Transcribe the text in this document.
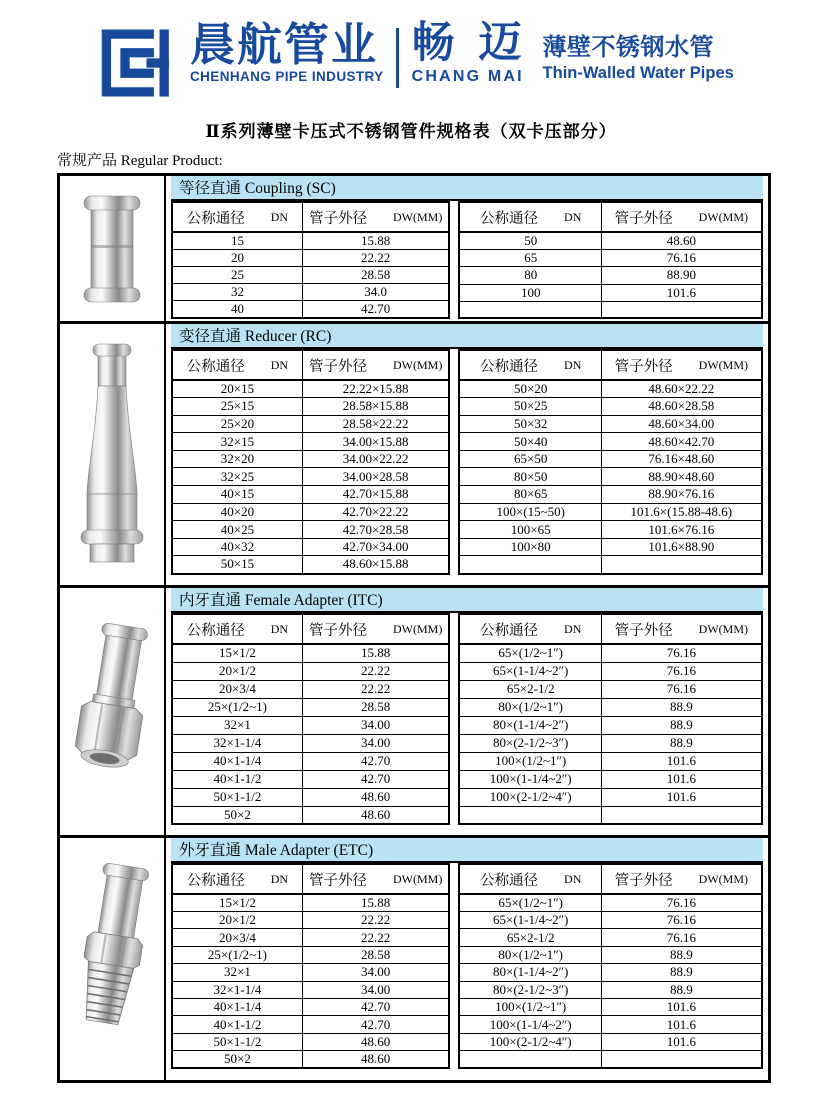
晨航管业
CHENHANG PIPE INDUSTRY
畅 迈
CHANG MAI
薄壁不锈钢水管
Thin-Walled Water Pipes
Ⅱ系列薄壁卡压式不锈钢管件规格表（双卡压部分）
常规产品 Regular Product:
等径直通 Coupling (SC)
公称通径 DN	管子外径 DW(MM)

15	15.88
20	22.22
25	28.58
32	34.0
40	42.70
公称通径 DN	管子外径 DW(MM)

50	48.60
65	76.16
80	88.90
100	101.6

变径直通 Reducer (RC)
公称通径 DN	管子外径 DW(MM)

20×15	22.22×15.88
25×15	28.58×15.88
25×20	28.58×22.22
32×15	34.00×15.88
32×20	34.00×22.22
32×25	34.00×28.58
40×15	42.70×15.88
40×20	42.70×22.22
40×25	42.70×28.58
40×32	42.70×34.00
50×15	48.60×15.88
公称通径 DN	管子外径 DW(MM)

50×20	48.60×22.22
50×25	48.60×28.58
50×32	48.60×34.00
50×40	48.60×42.70
65×50	76.16×48.60
80×50	88.90×48.60
80×65	88.90×76.16
100×(15~50)	101.6×(15.88-48.6)
100×65	101.6×76.16
100×80	101.6×88.90

内牙直通 Female Adapter (ITC)
公称通径 DN	管子外径 DW(MM)

15×1/2	15.88
20×1/2	22.22
20×3/4	22.22
25×(1/2~1)	28.58
32×1	34.00
32×1-1/4	34.00
40×1-1/4	42.70
40×1-1/2	42.70
50×1-1/2	48.60
50×2	48.60
公称通径 DN	管子外径 DW(MM)

65×(1/2~1″)	76.16
65×(1-1/4~2″)	76.16
65×2-1/2	76.16
80×(1/2~1″)	88.9
80×(1-1/4~2″)	88.9
80×(2-1/2~3″)	88.9
100×(1/2~1″)	101.6
100×(1-1/4~2″)	101.6
100×(2-1/2~4″)	101.6

外牙直通 Male Adapter (ETC)
公称通径 DN	管子外径 DW(MM)

15×1/2	15.88
20×1/2	22.22
20×3/4	22.22
25×(1/2~1)	28.58
32×1	34.00
32×1-1/4	34.00
40×1-1/4	42.70
40×1-1/2	42.70
50×1-1/2	48.60
50×2	48.60
公称通径 DN	管子外径 DW(MM)

65×(1/2~1″)	76.16
65×(1-1/4~2″)	76.16
65×2-1/2	76.16
80×(1/2~1″)	88.9
80×(1-1/4~2″)	88.9
80×(2-1/2~3″)	88.9
100×(1/2~1″)	101.6
100×(1-1/4~2″)	101.6
100×(2-1/2~4″)	101.6
